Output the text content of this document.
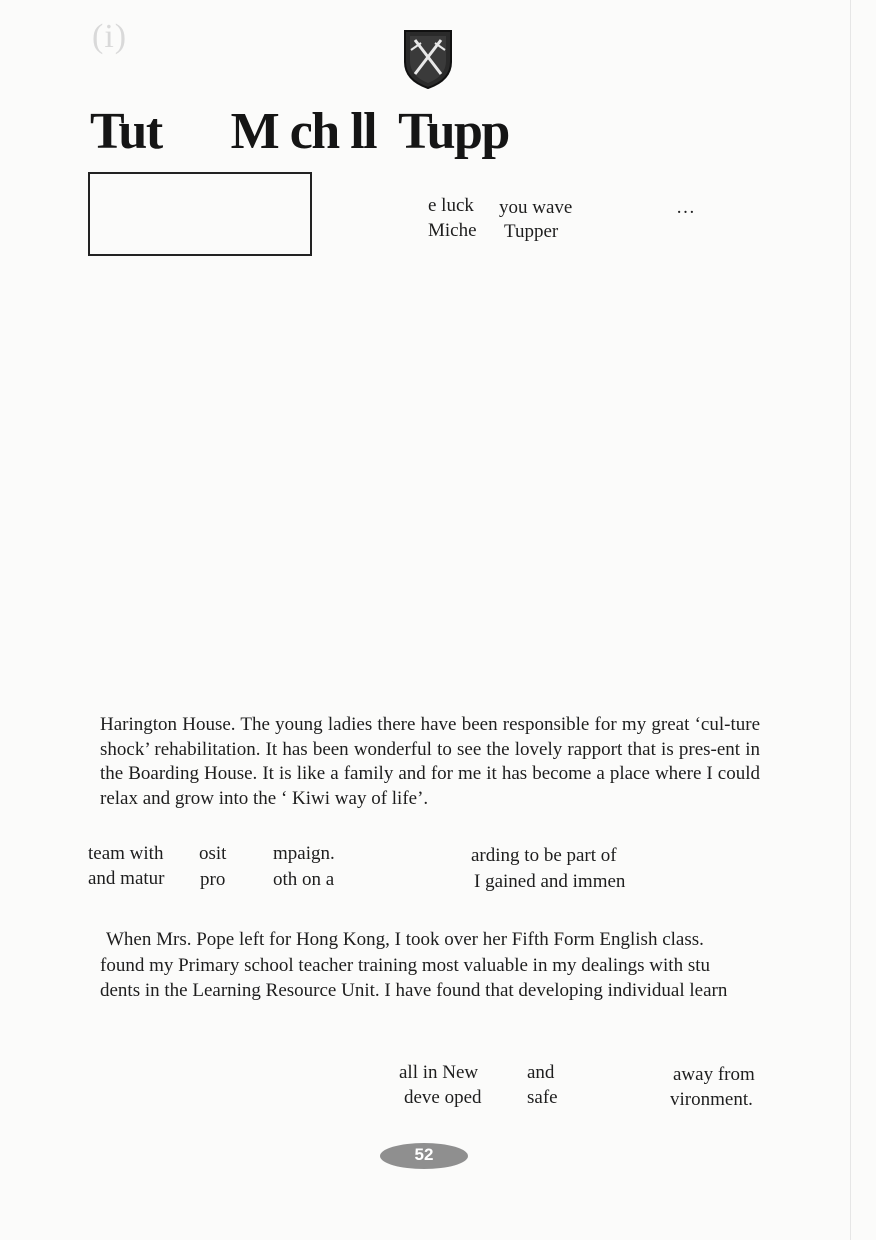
(i)
Tut      M ch ll  Tupp
e luck you wave	…
Miche Tupper
Harington House. The young ladies there have been responsible for my great ‘cul-ture shock’ rehabilitation. It has been wonderful to see the lovely rapport that is pres-ent in the Boarding House. It is like a family and for me it has become a place where I could relax and grow into the ‘ Kiwi way of life’.
team with osit mpaign.	arding to be part of
and matur pro	oth on a	I gained and immen
When Mrs. Pope left for Hong Kong, I took over her Fifth Form English class.
found my Primary school teacher training most valuable in my dealings with stu
dents in the Learning Resource Unit. I have found that developing individual learn
all in New	and	away from
deve oped safe	vironment.
52
